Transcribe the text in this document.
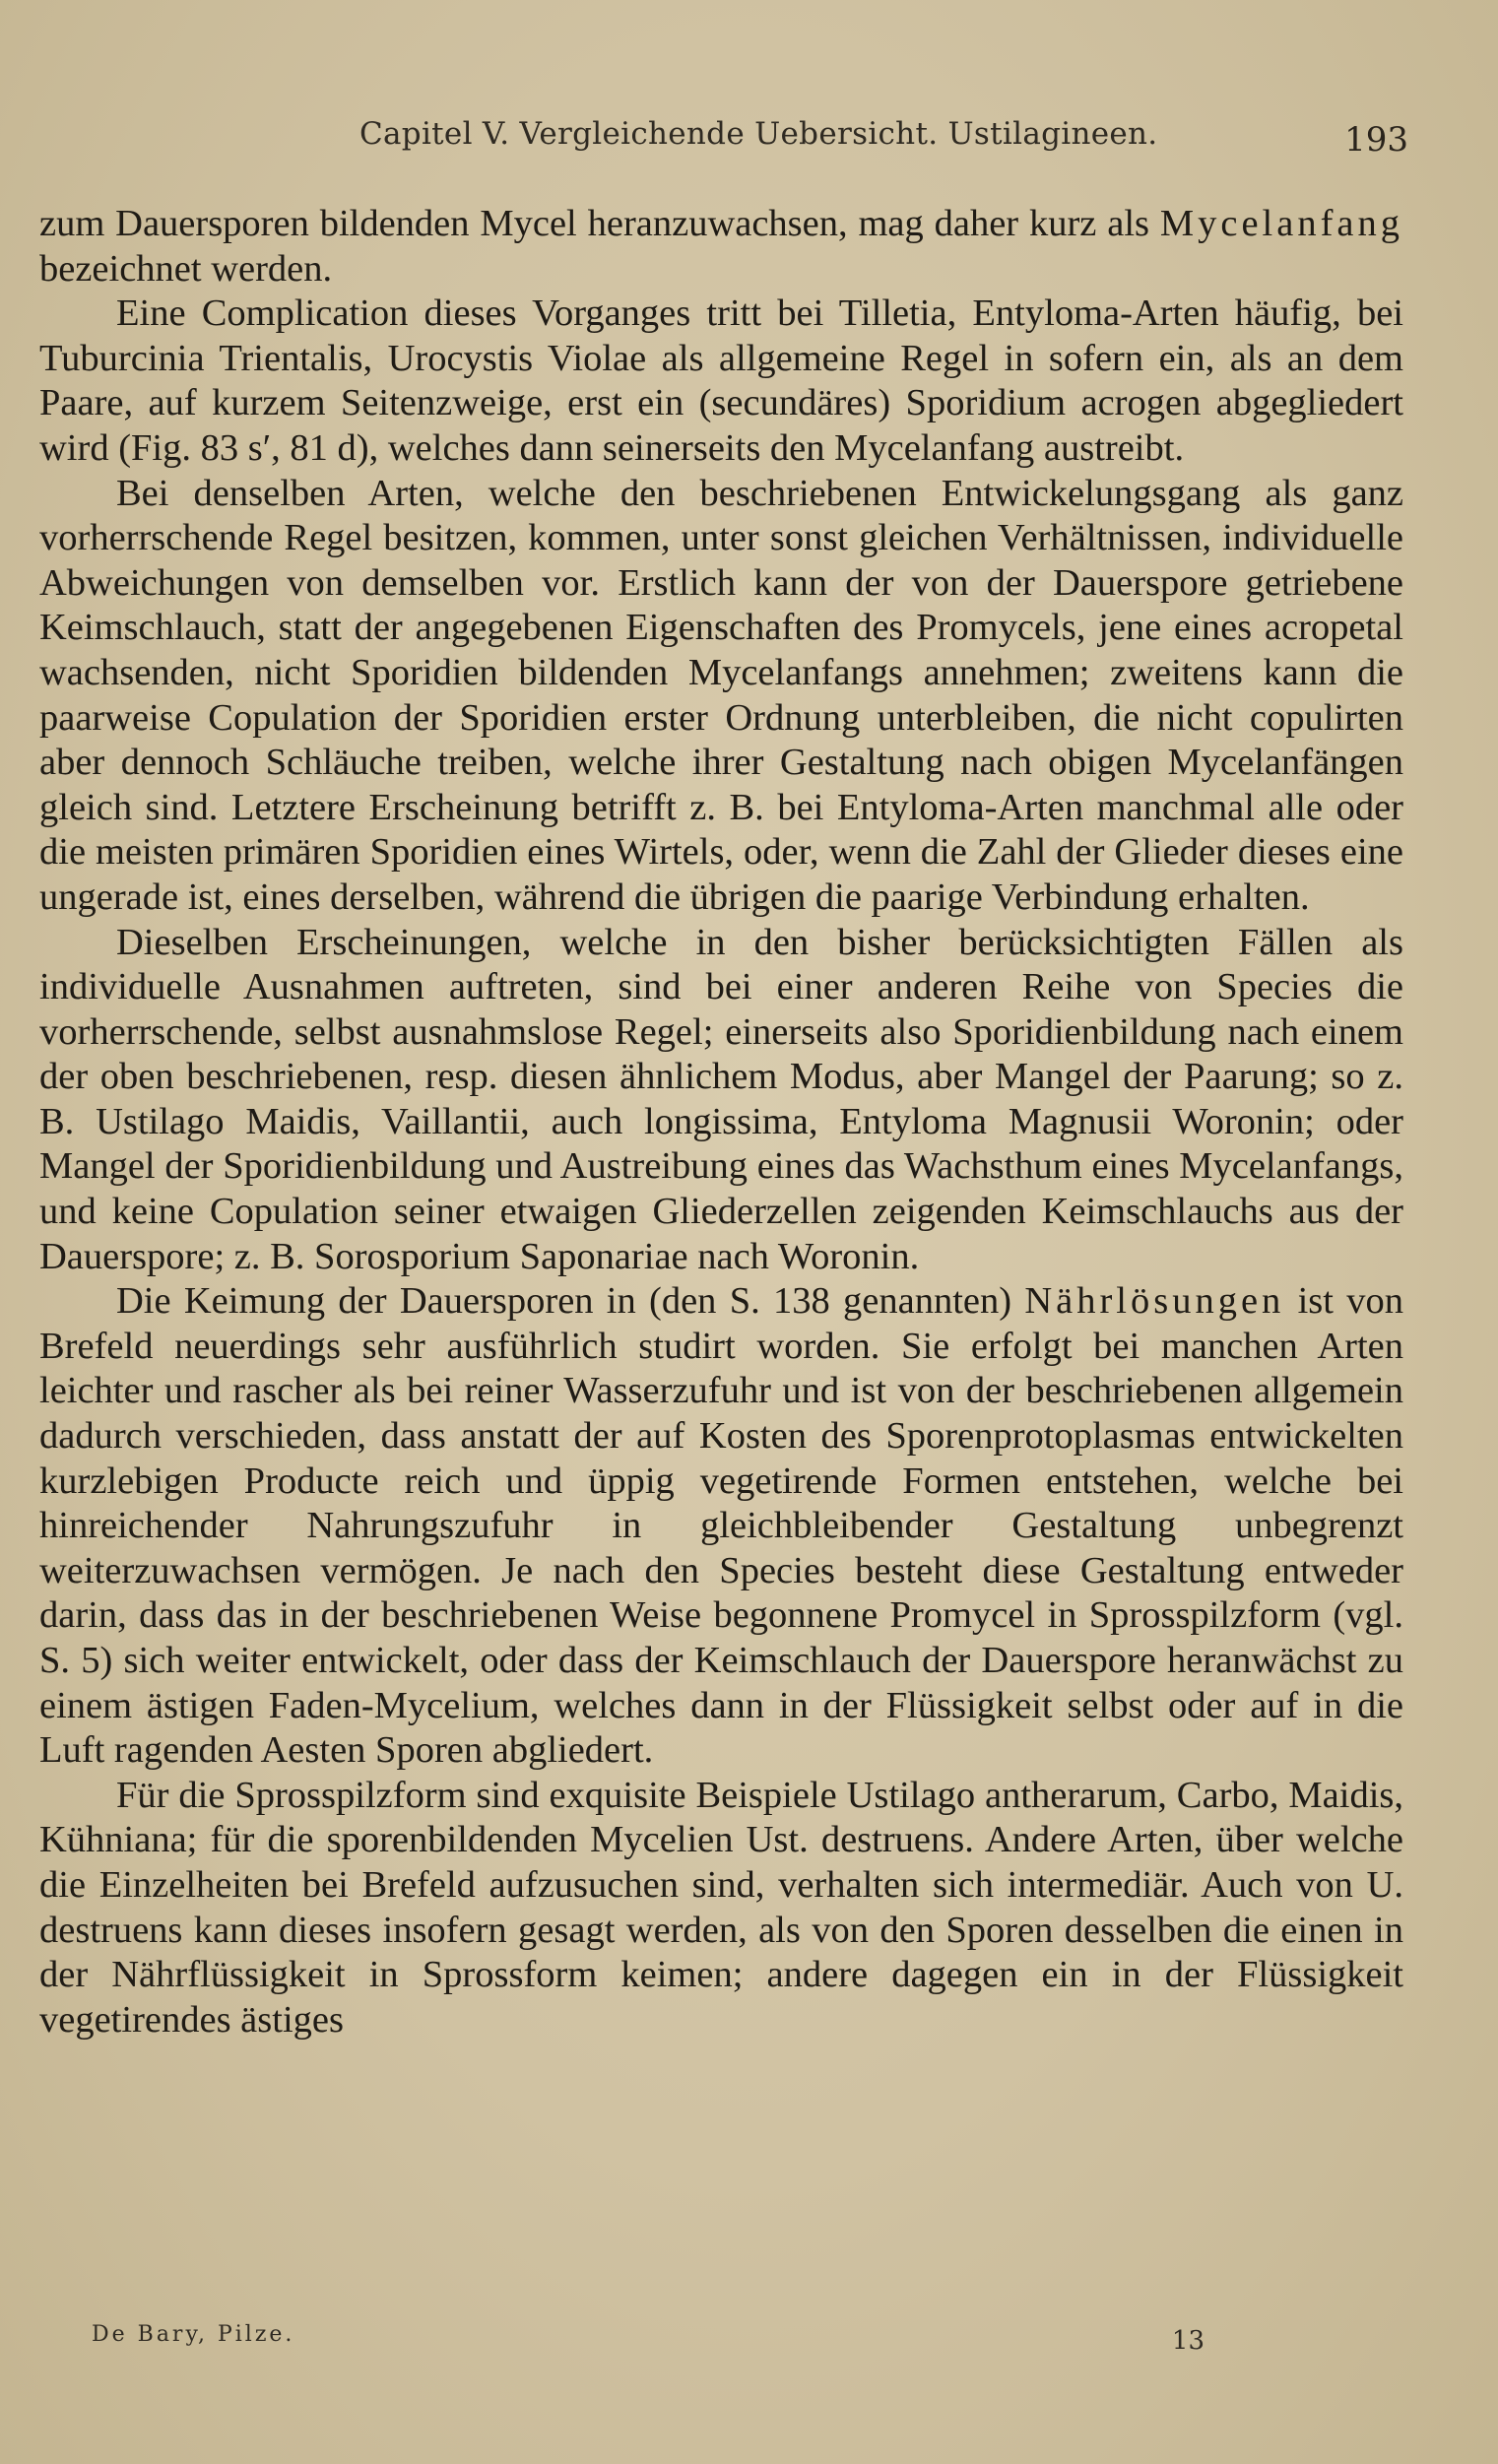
Capitel V. Vergleichende Uebersicht. Ustilagineen.	193

zum Dauersporen bildenden Mycel heranzuwachsen, mag daher kurz als Mycelanfang bezeichnet werden.

Eine Complication dieses Vorganges tritt bei Tilletia, Entyloma-Arten häufig, bei Tuburcinia Trientalis, Urocystis Violae als allgemeine Regel in sofern ein, als an dem Paare, auf kurzem Seitenzweige, erst ein (secundäres) Sporidium acrogen abgegliedert wird (Fig. 83 s′, 81 d), welches dann seinerseits den Mycelanfang austreibt.

Bei denselben Arten, welche den beschriebenen Entwickelungsgang als ganz vorherrschende Regel besitzen, kommen, unter sonst gleichen Verhältnissen, individuelle Abweichungen von demselben vor. Erstlich kann der von der Dauerspore getriebene Keimschlauch, statt der angegebenen Eigenschaften des Promycels, jene eines acropetal wachsenden, nicht Sporidien bildenden Mycelanfangs annehmen; zweitens kann die paarweise Copulation der Sporidien erster Ordnung unterbleiben, die nicht copulirten aber dennoch Schläuche treiben, welche ihrer Gestaltung nach obigen Mycelanfängen gleich sind. Letztere Erscheinung betrifft z. B. bei Entyloma-Arten manchmal alle oder die meisten primären Sporidien eines Wirtels, oder, wenn die Zahl der Glieder dieses eine ungerade ist, eines derselben, während die übrigen die paarige Verbindung erhalten.

Dieselben Erscheinungen, welche in den bisher berücksichtigten Fällen als individuelle Ausnahmen auftreten, sind bei einer anderen Reihe von Species die vorherrschende, selbst ausnahmslose Regel; einerseits also Sporidienbildung nach einem der oben beschriebenen, resp. diesen ähnlichem Modus, aber Mangel der Paarung; so z. B. Ustilago Maidis, Vaillantii, auch longissima, Entyloma Magnusii Woronin; oder Mangel der Sporidienbildung und Austreibung eines das Wachsthum eines Mycelanfangs, und keine Copulation seiner etwaigen Gliederzellen zeigenden Keimschlauchs aus der Dauerspore; z. B. Sorosporium Saponariae nach Woronin.

Die Keimung der Dauersporen in (den S. 138 genannten) Nährlösungen ist von Brefeld neuerdings sehr ausführlich studirt worden. Sie erfolgt bei manchen Arten leichter und rascher als bei reiner Wasserzufuhr und ist von der beschriebenen allgemein dadurch verschieden, dass anstatt der auf Kosten des Sporenprotoplasmas entwickelten kurzlebigen Producte reich und üppig vegetirende Formen entstehen, welche bei hinreichender Nahrungszufuhr in gleichbleibender Gestaltung unbegrenzt weiterzuwachsen vermögen. Je nach den Species besteht diese Gestaltung entweder darin, dass das in der beschriebenen Weise begonnene Promycel in Sprosspilzform (vgl. S. 5) sich weiter entwickelt, oder dass der Keimschlauch der Dauerspore heranwächst zu einem ästigen Faden-Mycelium, welches dann in der Flüssigkeit selbst oder auf in die Luft ragenden Aesten Sporen abgliedert.

Für die Sprosspilzform sind exquisite Beispiele Ustilago antherarum, Carbo, Maidis, Kühniana; für die sporenbildenden Mycelien Ust. destruens. Andere Arten, über welche die Einzelheiten bei Brefeld aufzusuchen sind, verhalten sich intermediär. Auch von U. destruens kann dieses insofern gesagt werden, als von den Sporen desselben die einen in der Nährflüssigkeit in Sprossform keimen; andere dagegen ein in der Flüssigkeit vegetirendes ästiges

De Bary, Pilze.	13
